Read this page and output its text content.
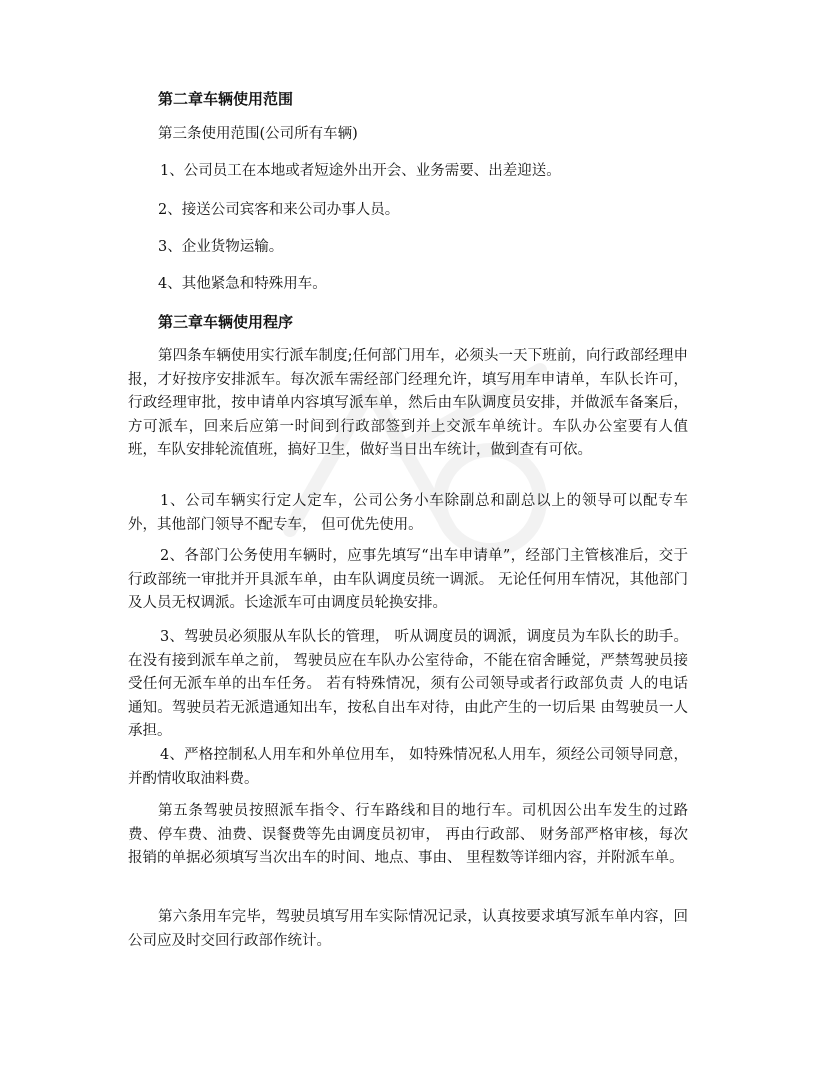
第二章车辆使用范围
第三条使用范围(公司所有车辆)
1、公司员工在本地或者短途外出开会、业务需要、出差迎送。
2、接送公司宾客和来公司办事人员。
3、企业货物运输。
4、其他紧急和特殊用车。
第三章车辆使用程序

第四条车辆使用实行派车制度;任何部门用车，必须头一天下班前，向行政部经理申报，才好按序安排派车。每次派车需经部门经理允许，填写用车申请单，车队长许可，行政经理审批，按申请单内容填写派车单，然后由车队调度员安排，并做派车备案后，方可派车，回来后应第一时间到行政部签到并上交派车单统计。车队办公室要有人值班，车队安排轮流值班，搞好卫生，做好当日出车统计，做到查有可依。

1、公司车辆实行定人定车，公司公务小车除副总和副总以上的领导可以配专车外，其他部门领导不配专车， 但可优先使用。

2、各部门公务使用车辆时，应事先填写“出车申请单”，经部门主管核准后，交于行政部统一审批并开具派车单，由车队调度员统一调派。 无论任何用车情况，其他部门及人员无权调派。长途派车可由调度员轮换安排。

3、驾驶员必须服从车队长的管理， 听从调度员的调派，调度员为车队长的助手。在没有接到派车单之前， 驾驶员应在车队办公室待命，不能在宿舍睡觉，严禁驾驶员接受任何无派车单的出车任务。 若有特殊情况，须有公司领导或者行政部负责 人的电话通知。驾驶员若无派遣通知出车，按私自出车对待，由此产生的一切后果 由驾驶员一人承担。

4、严格控制私人用车和外单位用车， 如特殊情况私人用车，须经公司领导同意，并酌情收取油料费。

第五条驾驶员按照派车指令、行车路线和目的地行车。司机因公出车发生的过路费、停车费、油费、误餐费等先由调度员初审， 再由行政部、 财务部严格审核，每次报销的单据必须填写当次出车的时间、地点、事由、 里程数等详细内容，并附派车单。

第六条用车完毕，驾驶员填写用车实际情况记录，认真按要求填写派车单内容，回公司应及时交回行政部作统计。
